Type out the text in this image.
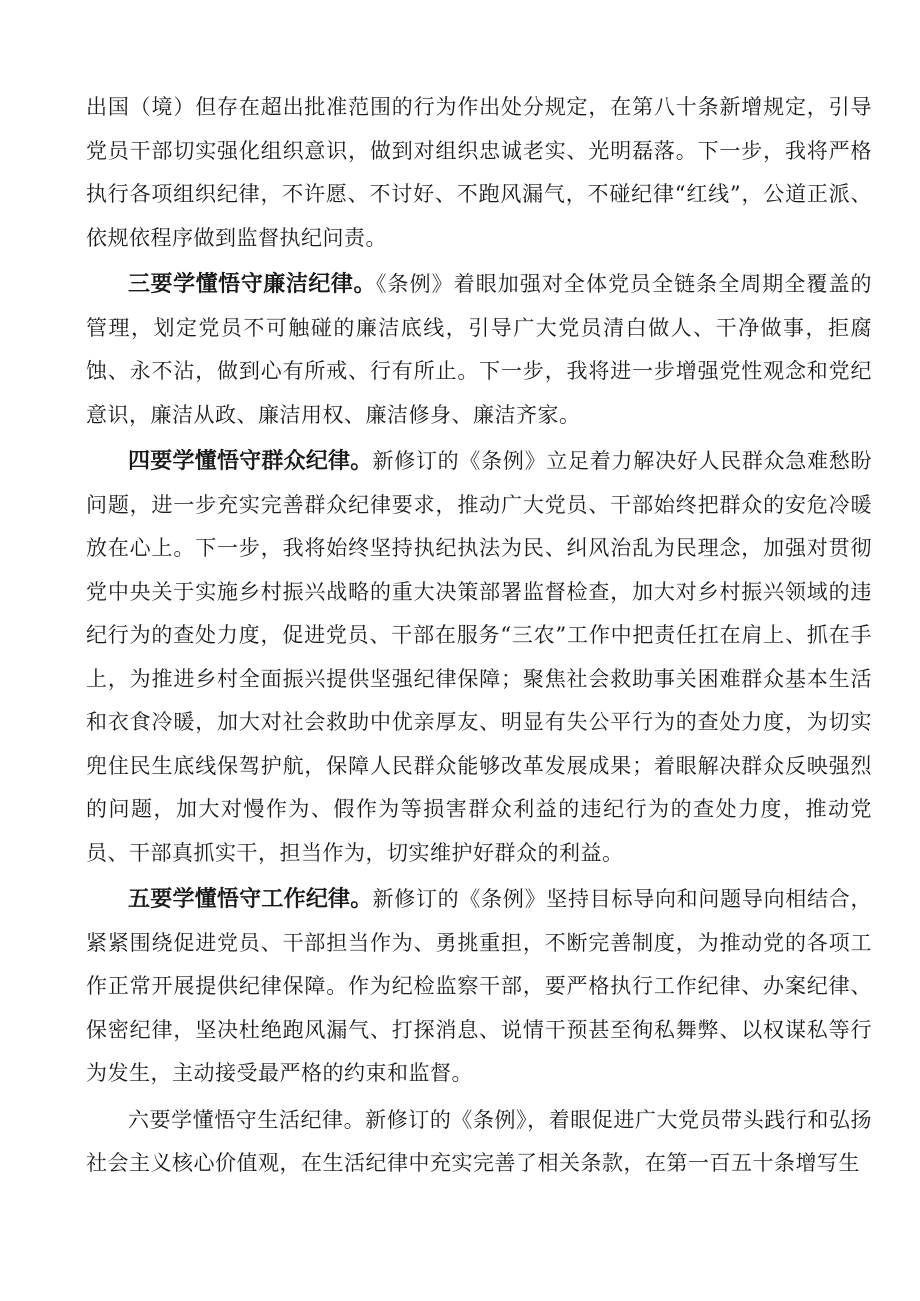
出国（境）但存在超出批准范围的行为作出处分规定，在第八十条新增规定，引导党员干部切实强化组织意识，做到对组织忠诚老实、光明磊落。下一步，我将严格执行各项组织纪律，不许愿、不讨好、不跑风漏气，不碰纪律“红线”，公道正派、依规依程序做到监督执纪问责。

三要学懂悟守廉洁纪律。《条例》着眼加强对全体党员全链条全周期全覆盖的管理，划定党员不可触碰的廉洁底线，引导广大党员清白做人、干净做事，拒腐蚀、永不沾，做到心有所戒、行有所止。下一步，我将进一步增强党性观念和党纪意识，廉洁从政、廉洁用权、廉洁修身、廉洁齐家。

四要学懂悟守群众纪律。新修订的《条例》立足着力解决好人民群众急难愁盼问题，进一步充实完善群众纪律要求，推动广大党员、干部始终把群众的安危冷暖放在心上。下一步，我将始终坚持执纪执法为民、纠风治乱为民理念，加强对贯彻党中央关于实施乡村振兴战略的重大决策部署监督检查，加大对乡村振兴领域的违纪行为的查处力度，促进党员、干部在服务“三农”工作中把责任扛在肩上、抓在手上，为推进乡村全面振兴提供坚强纪律保障；聚焦社会救助事关困难群众基本生活和衣食冷暖，加大对社会救助中优亲厚友、明显有失公平行为的查处力度，为切实兜住民生底线保驾护航，保障人民群众能够改革发展成果；着眼解决群众反映强烈的问题，加大对慢作为、假作为等损害群众利益的违纪行为的查处力度，推动党员、干部真抓实干，担当作为，切实维护好群众的利益。

五要学懂悟守工作纪律。新修订的《条例》坚持目标导向和问题导向相结合，紧紧围绕促进党员、干部担当作为、勇挑重担，不断完善制度，为推动党的各项工作正常开展提供纪律保障。作为纪检监察干部，要严格执行工作纪律、办案纪律、保密纪律，坚决杜绝跑风漏气、打探消息、说情干预甚至徇私舞弊、以权谋私等行为发生，主动接受最严格的约束和监督。

六要学懂悟守生活纪律。新修订的《条例》，着眼促进广大党员带头践行和弘扬社会主义核心价值观，在生活纪律中充实完善了相关条款，在第一百五十条增写生
